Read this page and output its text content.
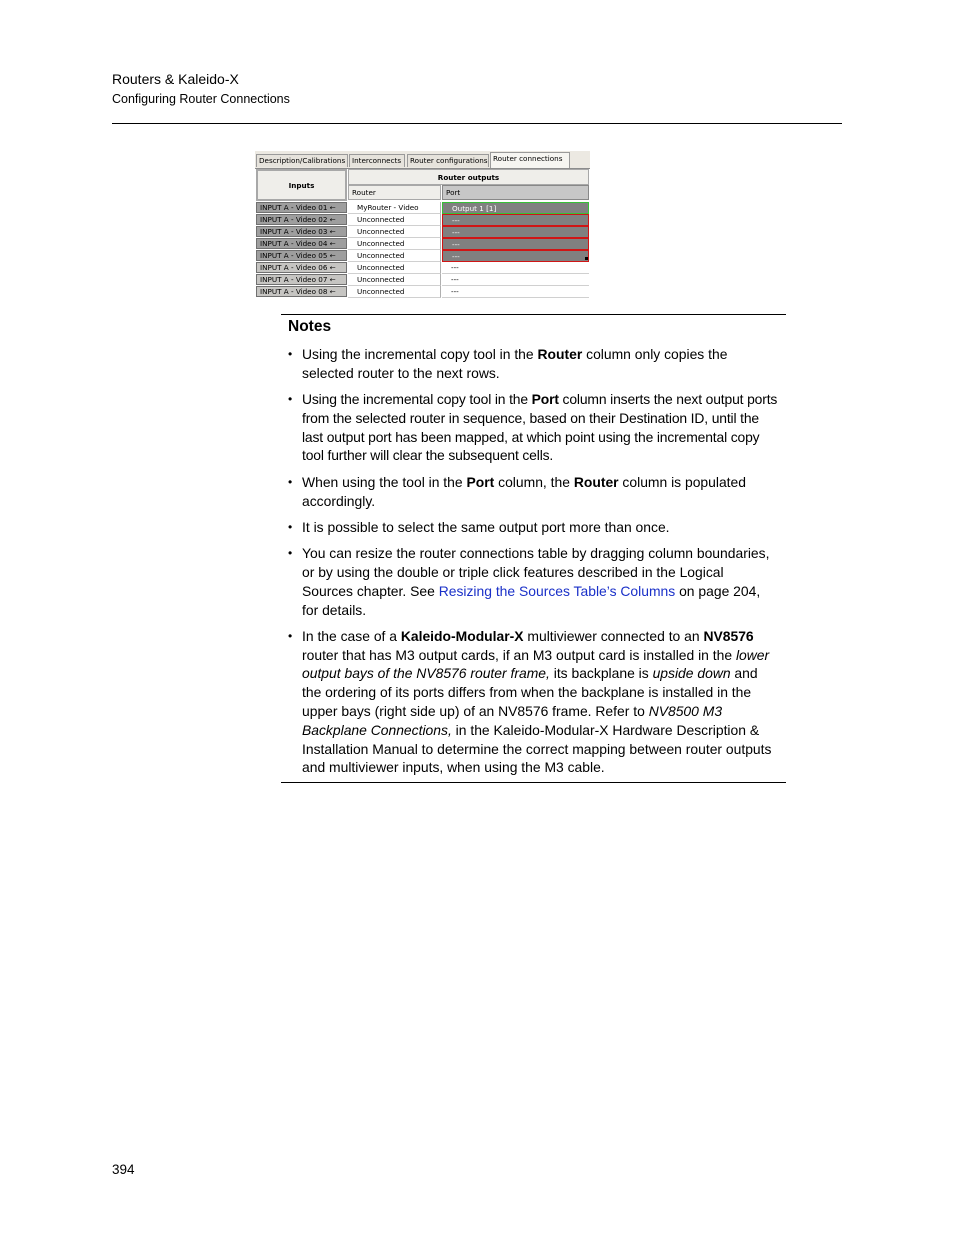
Routers & Kaleido-X
Configuring Router Connections
Description/Calibrations Interconnects	Router configurations Router connections
Inputs
Router outputs
Router	Port
INPUT A - Video 01 ←	MyRouter - Video	Output 1 [1]
INPUT A - Video 02 ←	Unconnected	---
INPUT A - Video 03 ←	Unconnected	---
INPUT A - Video 04 ←	Unconnected	---
INPUT A - Video 05 ←	Unconnected	---
INPUT A - Video 06 ←	Unconnected	---
INPUT A - Video 07 ←	Unconnected	---
INPUT A - Video 08 ←	Unconnected	---
Notes
• Using the incremental copy tool in the Router column only copies the selected router to the next rows.
• Using the incremental copy tool in the Port column inserts the next output ports from the selected router in sequence, based on their Destination ID, until the last output port has been mapped, at which point using the incremental copy tool further will clear the subsequent cells.
• When using the tool in the Port column, the Router column is populated accordingly.
• It is possible to select the same output port more than once.
• You can resize the router connections table by dragging column boundaries, or by using the double or triple click features described in the Logical Sources chapter. See Resizing the Sources Table’s Columns on page 204, for details.
• In the case of a Kaleido-Modular-X multiviewer connected to an NV8576 router that has M3 output cards, if an M3 output card is installed in the lower output bays of the NV8576 router frame, its backplane is upside down and the ordering of its ports differs from when the backplane is installed in the upper bays (right side up) of an NV8576 frame. Refer to NV8500 M3 Backplane Connections, in the Kaleido-Modular-X Hardware Description & Installation Manual to determine the correct mapping between router outputs and multiviewer inputs, when using the M3 cable.
394
